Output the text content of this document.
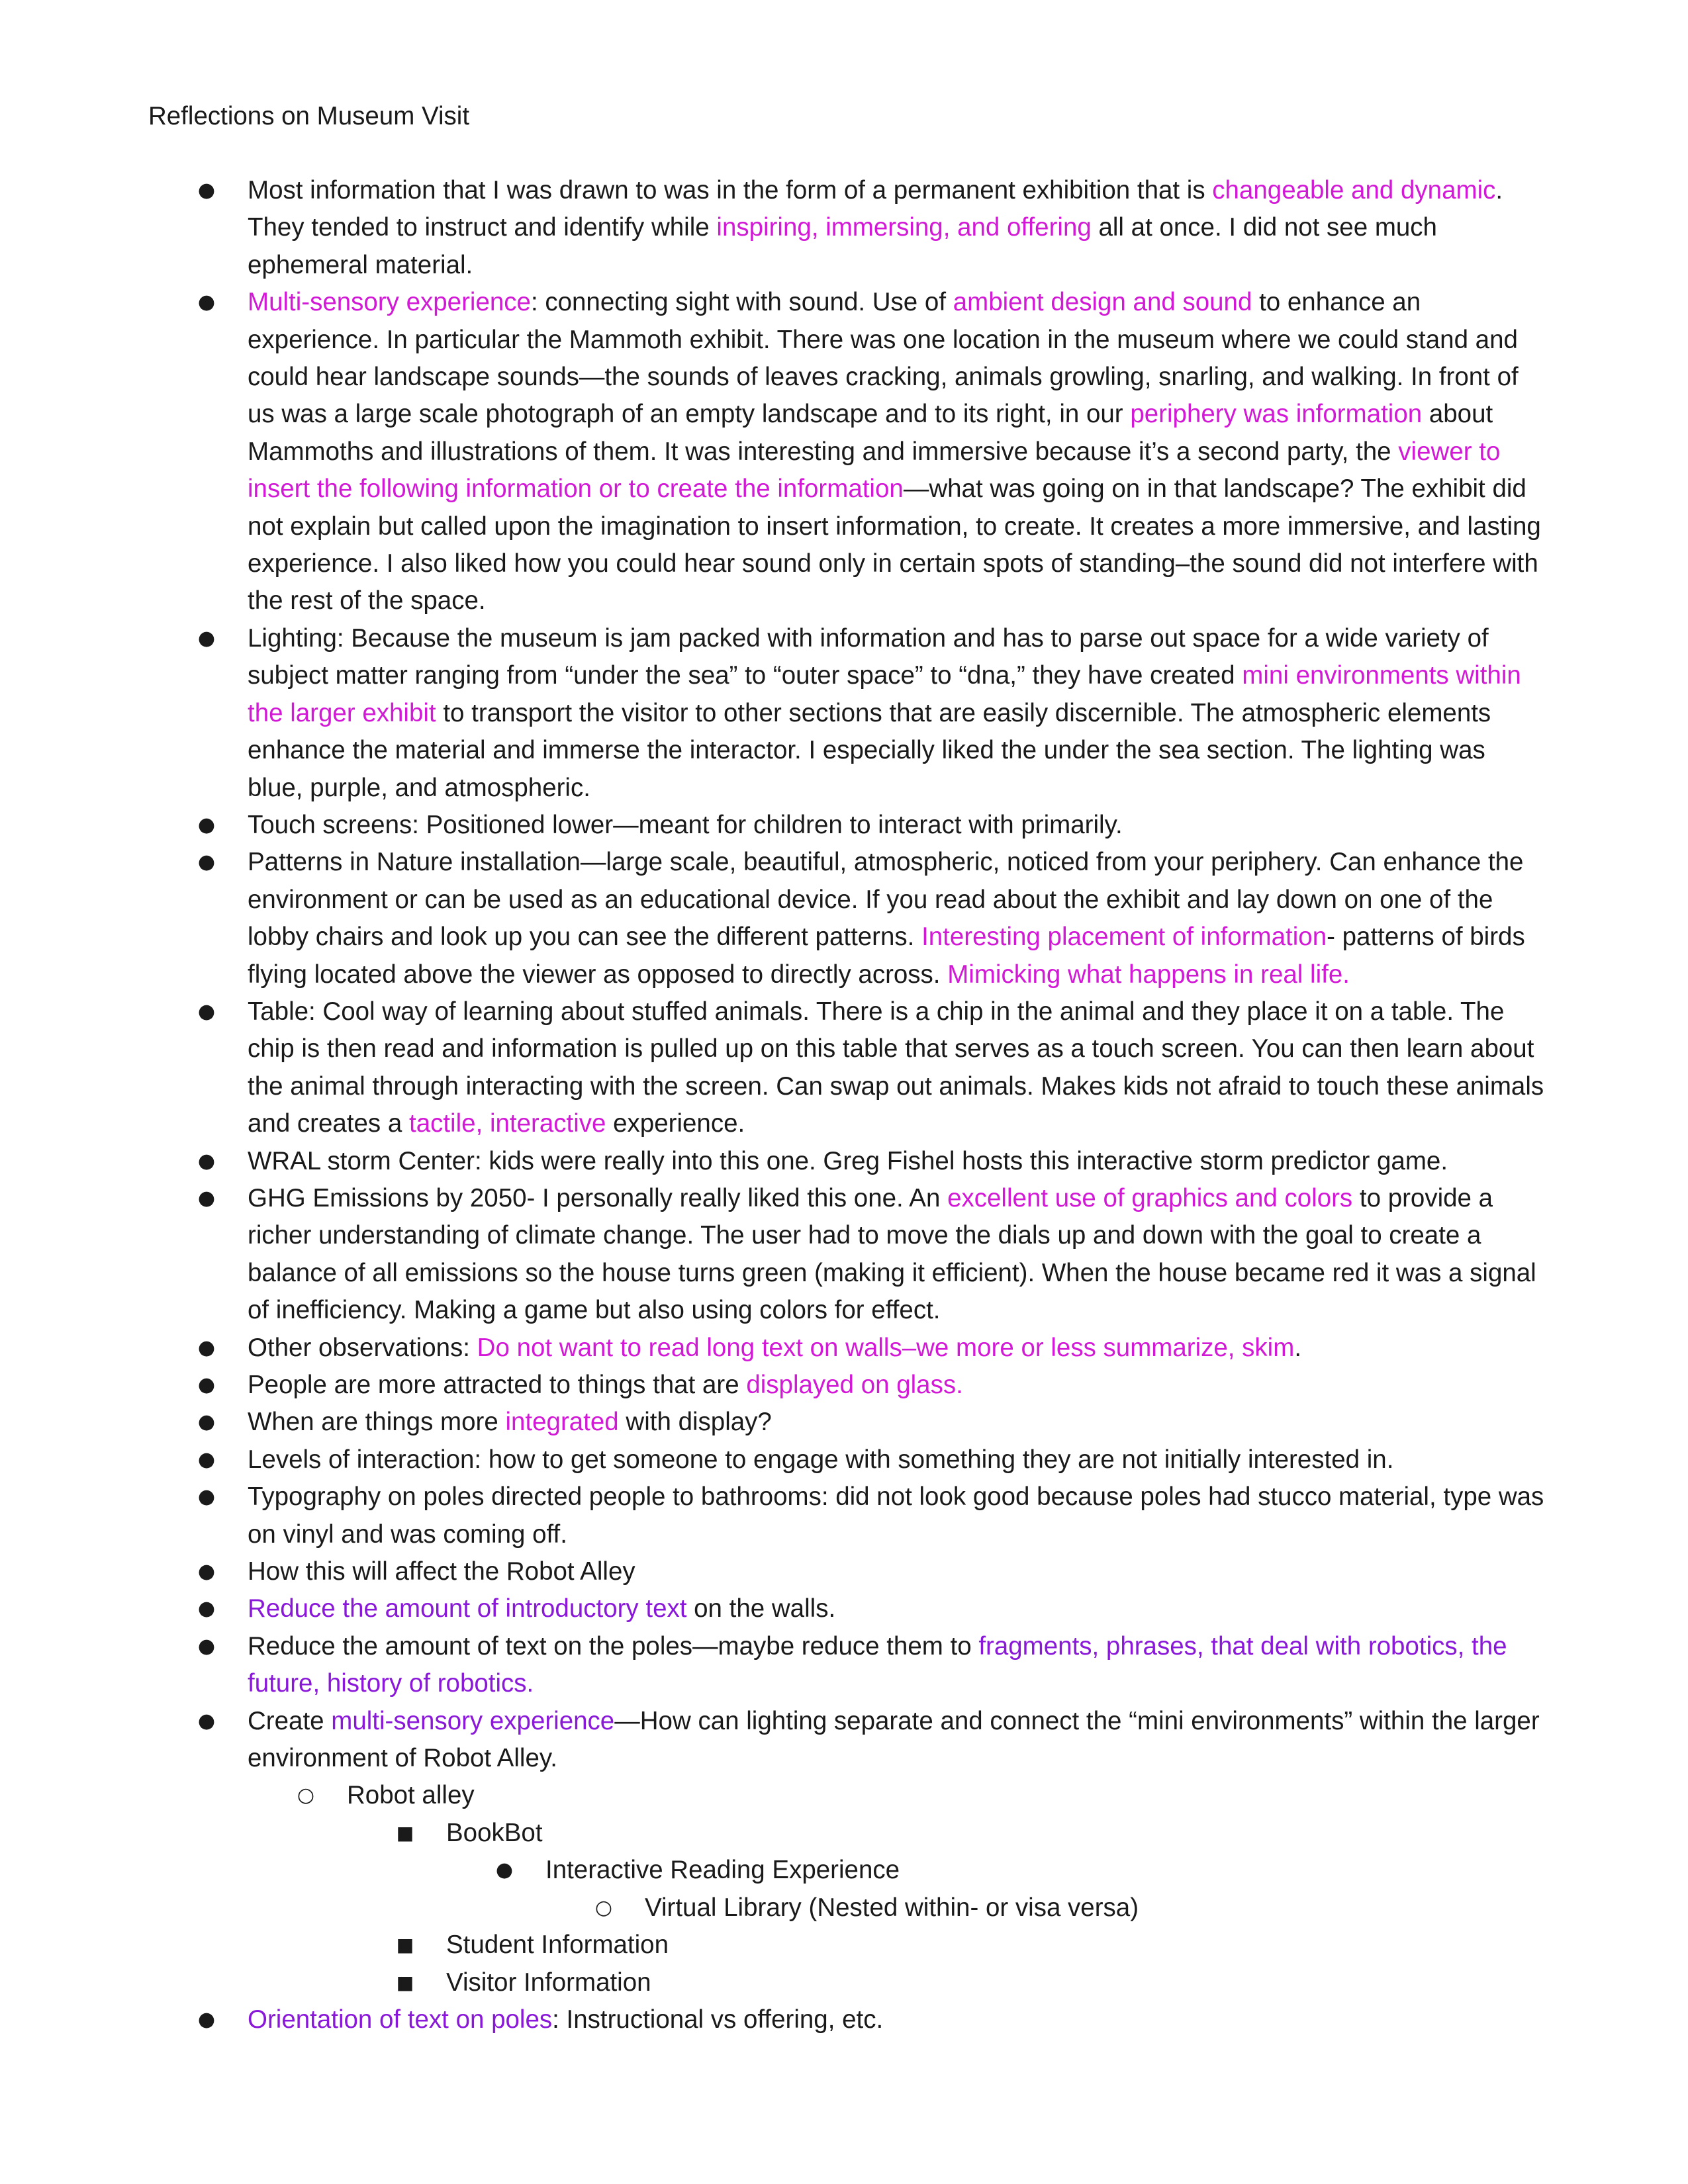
Reflections on Museum Visit
● Most information that I was drawn to was in the form of a permanent exhibition that is changeable and dynamic. They tended to instruct and identify while inspiring, immersing, and offering all at once. I did not see much ephemeral material.
● Multi-sensory experience: connecting sight with sound. Use of ambient design and sound to enhance an experience. In particular the Mammoth exhibit. There was one location in the museum where we could stand and could hear landscape sounds—the sounds of leaves cracking, animals growling, snarling, and walking. In front of us was a large scale photograph of an empty landscape and to its right, in our periphery was information about Mammoths and illustrations of them. It was interesting and immersive because it’s a second party, the viewer to insert the following information or to create the information—what was going on in that landscape? The exhibit did not explain but called upon the imagination to insert information, to create. It creates a more immersive, and lasting experience. I also liked how you could hear sound only in certain spots of standing–the sound did not interfere with the rest of the space.
● Lighting: Because the museum is jam packed with information and has to parse out space for a wide variety of subject matter ranging from “under the sea” to “outer space” to “dna,” they have created mini environments within the larger exhibit to transport the visitor to other sections that are easily discernible. The atmospheric elements enhance the material and immerse the interactor. I especially liked the under the sea section. The lighting was blue, purple, and atmospheric.
● Touch screens: Positioned lower—meant for children to interact with primarily.
● Patterns in Nature installation—large scale, beautiful, atmospheric, noticed from your periphery. Can enhance the environment or can be used as an educational device. If you read about the exhibit and lay down on one of the lobby chairs and look up you can see the different patterns. Interesting placement of information- patterns of birds flying located above the viewer as opposed to directly across. Mimicking what happens in real life.
● Table: Cool way of learning about stuffed animals. There is a chip in the animal and they place it on a table. The chip is then read and information is pulled up on this table that serves as a touch screen. You can then learn about the animal through interacting with the screen. Can swap out animals. Makes kids not afraid to touch these animals and creates a tactile, interactive experience.
● WRAL storm Center: kids were really into this one. Greg Fishel hosts this interactive storm predictor game.
● GHG Emissions by 2050- I personally really liked this one. An excellent use of graphics and colors to provide a richer understanding of climate change. The user had to move the dials up and down with the goal to create a balance of all emissions so the house turns green (making it efficient). When the house became red it was a signal of inefficiency. Making a game but also using colors for effect.
● Other observations: Do not want to read long text on walls–we more or less summarize, skim.
● People are more attracted to things that are displayed on glass.
● When are things more integrated with display?
● Levels of interaction: how to get someone to engage with something they are not initially interested in.
● Typography on poles directed people to bathrooms: did not look good because poles had stucco material, type was on vinyl and was coming off.
● How this will affect the Robot Alley
● Reduce the amount of introductory text on the walls.
● Reduce the amount of text on the poles—maybe reduce them to fragments, phrases, that deal with robotics, the future, history of robotics.
● Create multi-sensory experience—How can lighting separate and connect the “mini environments” within the larger environment of Robot Alley.
○ Robot alley
■ BookBot
● Interactive Reading Experience
○ Virtual Library (Nested within- or visa versa)
■ Student Information
■ Visitor Information
● Orientation of text on poles: Instructional vs offering, etc.
